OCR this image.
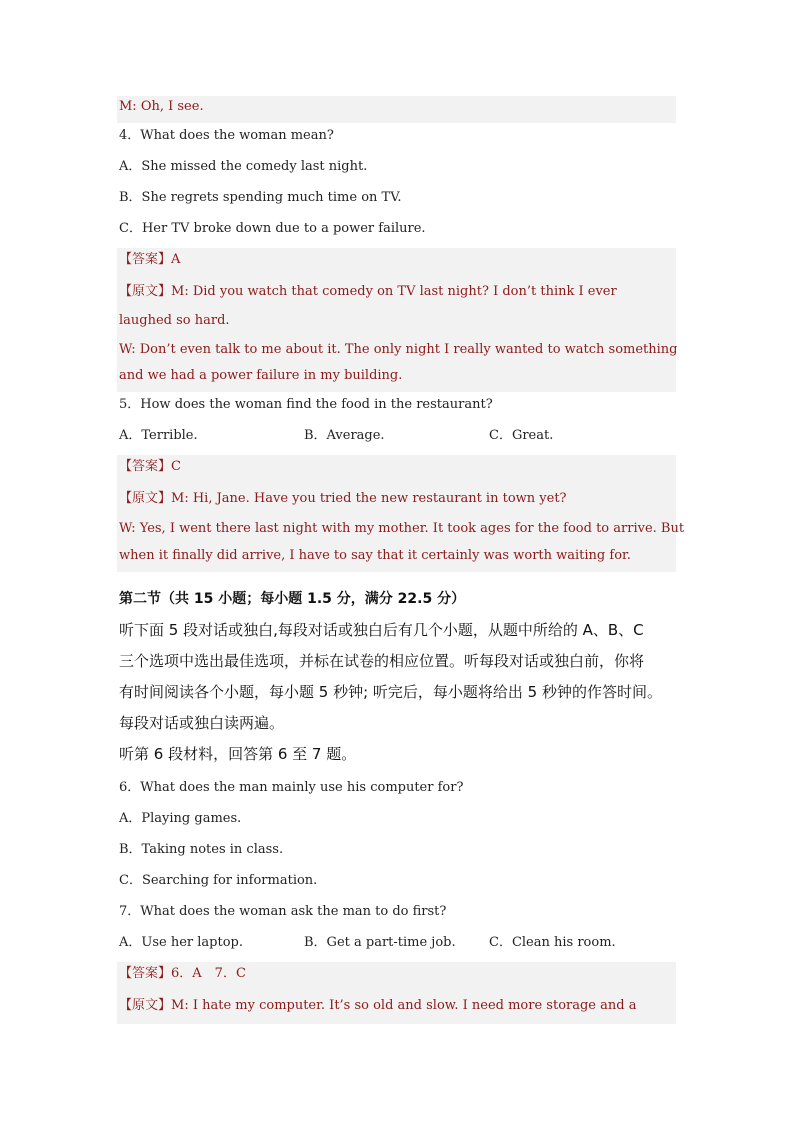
M: Oh, I see.
4．What does the woman mean?
A．She missed the comedy last night.
B．She regrets spending much time on TV.
C．Her TV broke down due to a power failure.
【答案】A
【原文】M: Did you watch that comedy on TV last night? I don’t think I ever
laughed so hard.
W: Don’t even talk to me about it. The only night I really wanted to watch something
and we had a power failure in my building.
5．How does the woman find the food in the restaurant?
A．Terrible.	B．Average.	C．Great.
【答案】C
【原文】M: Hi, Jane. Have you tried the new restaurant in town yet?
W: Yes, I went there last night with my mother. It took ages for the food to arrive. But
when it finally did arrive, I have to say that it certainly was worth waiting for.
第二节（共 15 小题；每小题 1.5 分，满分 22.5 分）
听下面 5 段对话或独白,每段对话或独白后有几个小题，从题中所给的 A、B、C
三个选项中选出最佳选项，并标在试卷的相应位置。听每段对话或独白前，你将
有时间阅读各个小题，每小题 5 秒钟; 听完后，每小题将给出 5 秒钟的作答时间。
每段对话或独白读两遍。
听第 6 段材料，回答第 6 至 7 题。
6．What does the man mainly use his computer for?
A．Playing games.
B．Taking notes in class.
C．Searching for information.
7．What does the woman ask the man to do first?
A．Use her laptop.	B．Get a part-time job.	C．Clean his room.
【答案】6．A　7．C
【原文】M: I hate my computer. It’s so old and slow. I need more storage and a
